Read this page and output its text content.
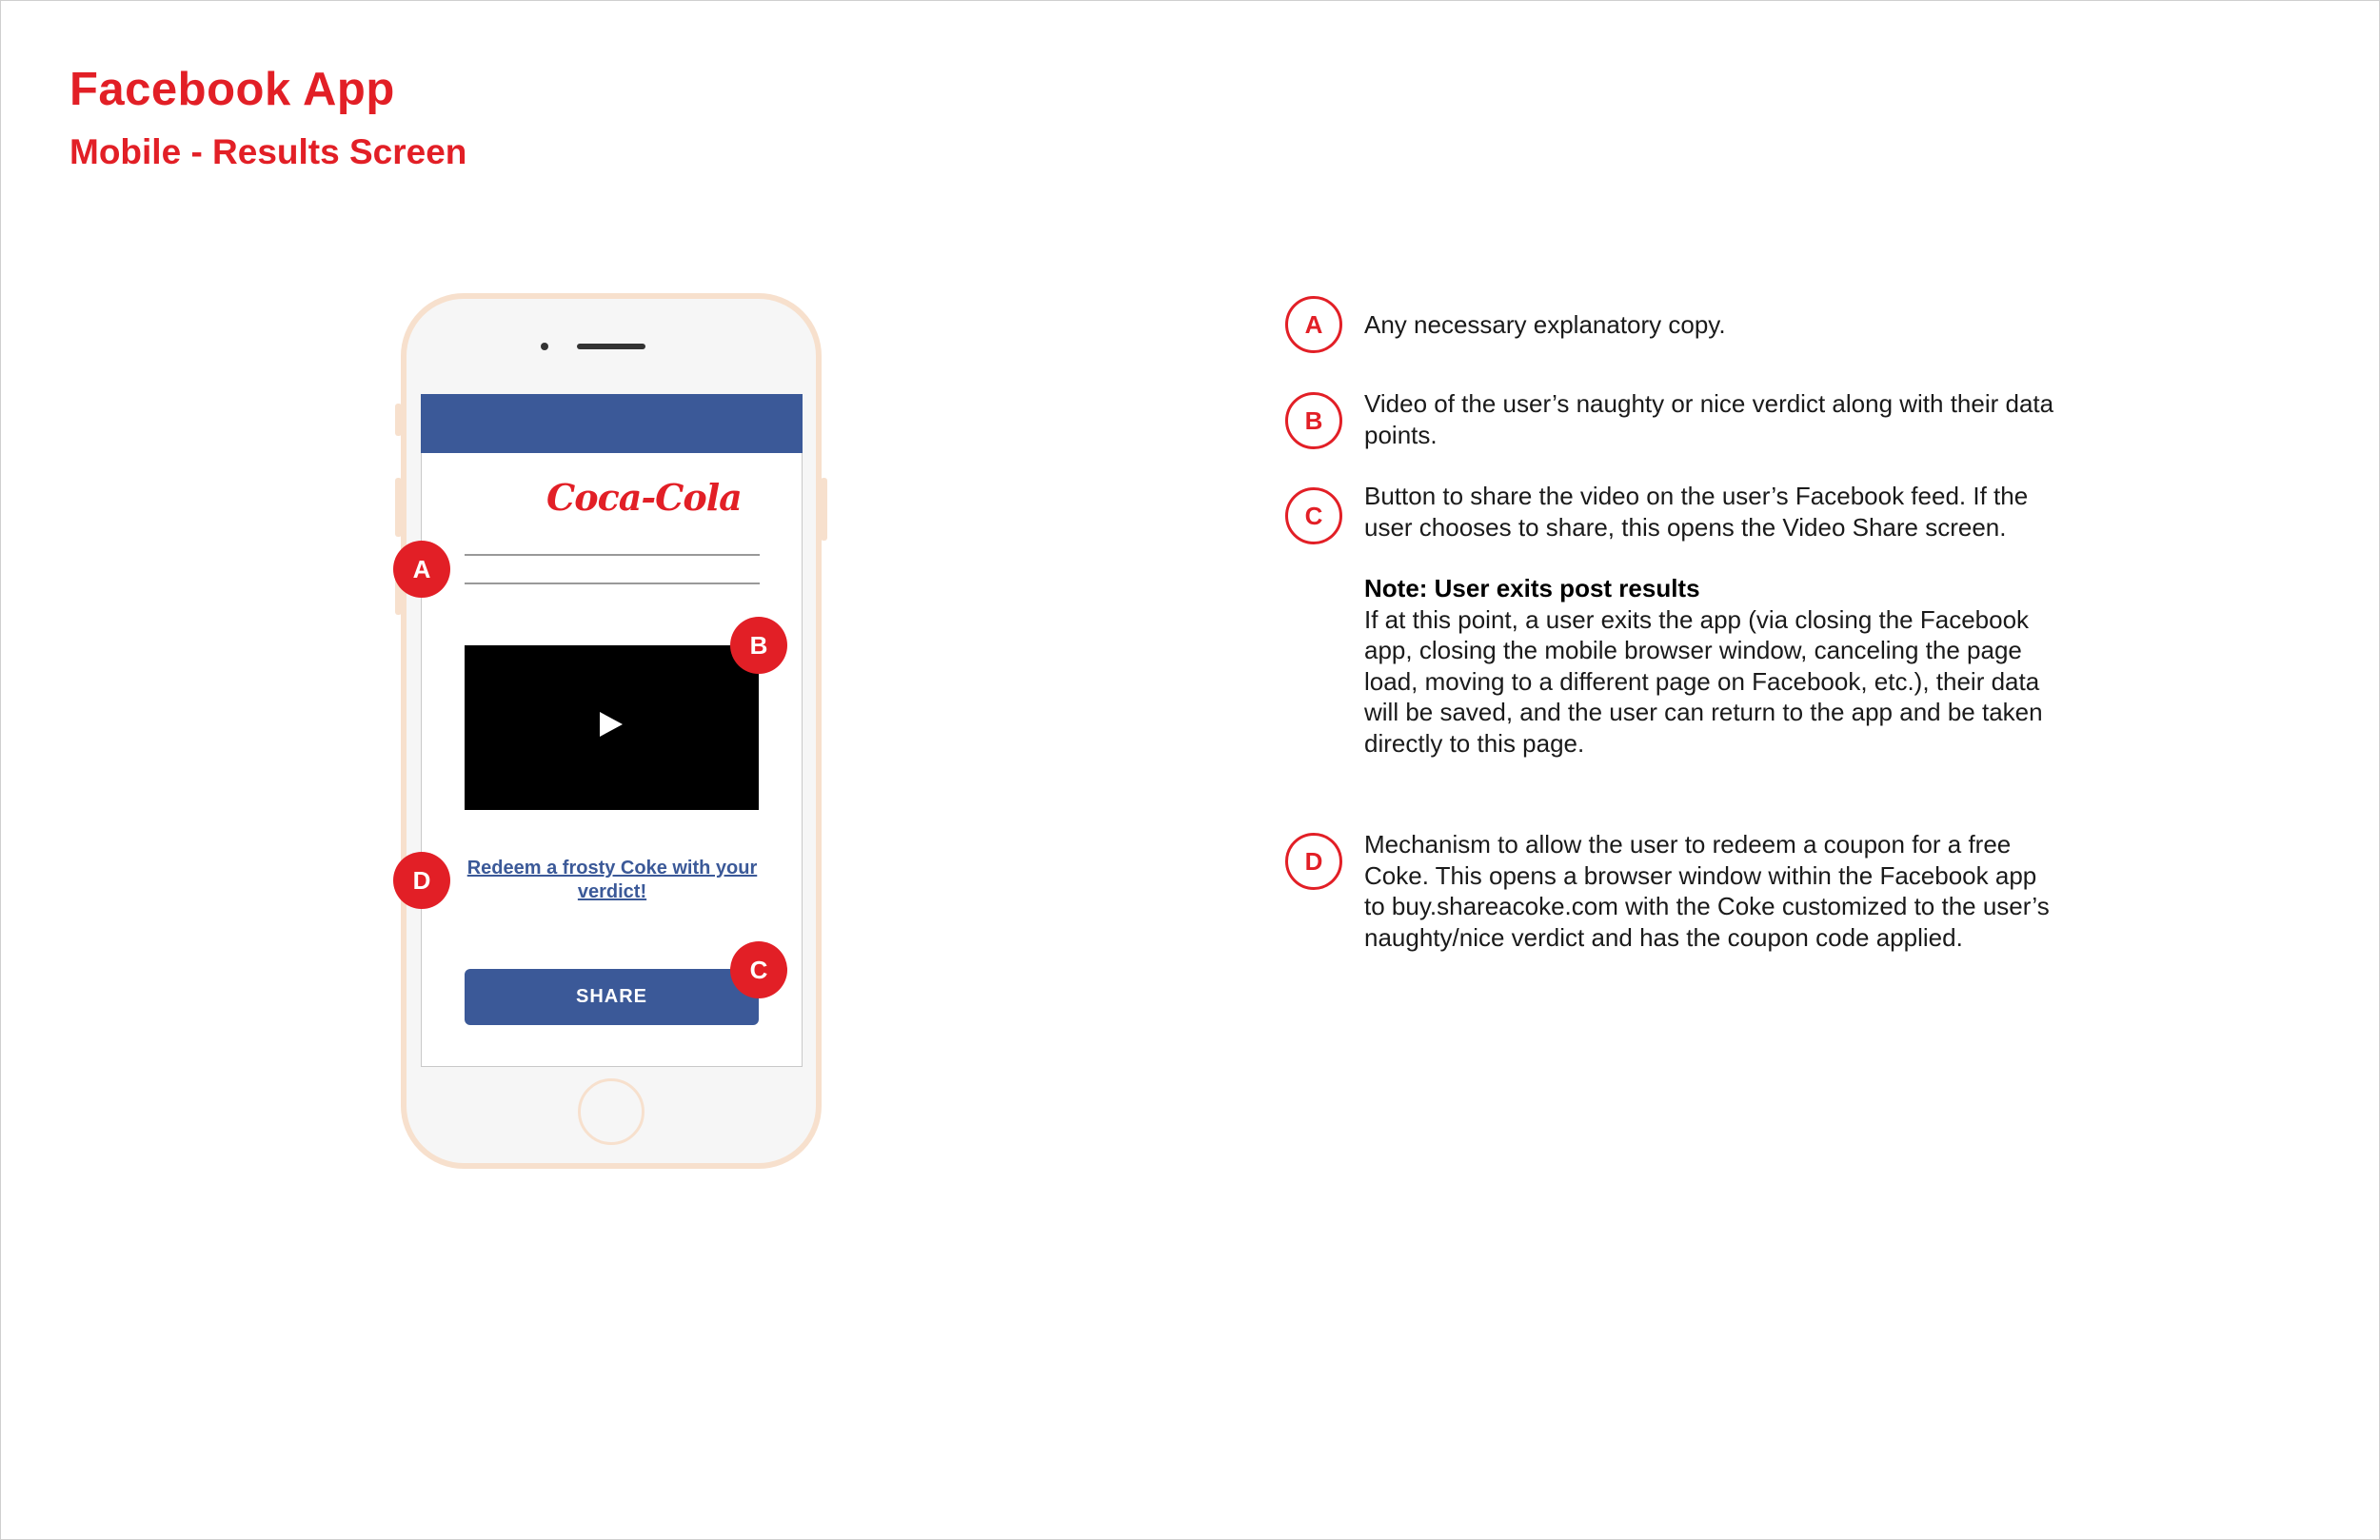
Facebook App
Mobile - Results Screen
Coca-Cola
Redeem a frosty Coke with your verdict!
SHARE
A
B
D
C
A	Any necessary explanatory copy.

B

Video of the user’s naughty or nice verdict along with their data points.

C

Button to share the video on the user’s Facebook feed. If the user chooses to share, this opens the Video Share screen.

Note: User exits post results

If at this point, a user exits the app (via closing the Facebook app, closing the mobile browser window, canceling the page load, moving to a different page on Facebook, etc.), their data will be saved, and the user can return to the app and be taken directly to this page.

D

Mechanism to allow the user to redeem a coupon for a free Coke. This opens a browser window within the Facebook app to buy.shareacoke.com with the Coke customized to the user’s naughty/nice verdict and has the coupon code applied.
